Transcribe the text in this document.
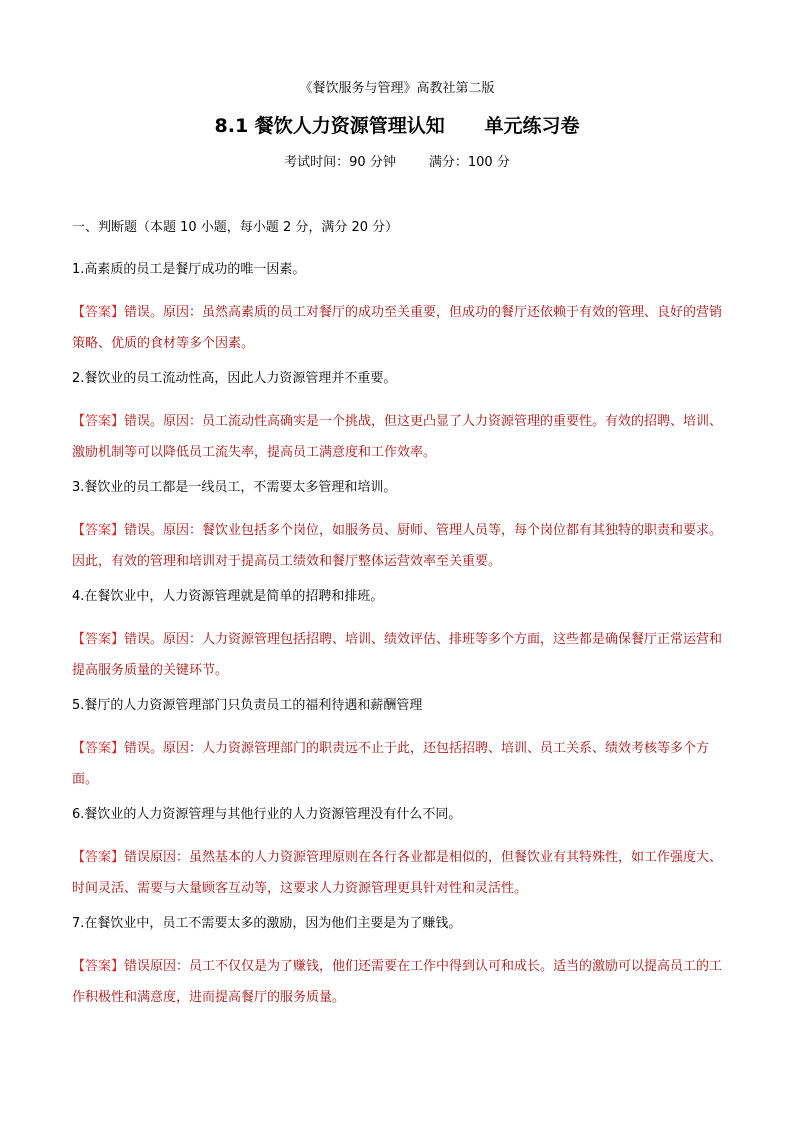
《餐饮服务与管理》高教社第二版
8.1 餐饮人力资源管理认知      单元练习卷
考试时间：90 分钟        满分：100 分
一、判断题（本题 10 小题，每小题 2 分，满分 20 分）
1.高素质的员工是餐厅成功的唯一因素。
【答案】错误。原因：虽然高素质的员工对餐厅的成功至关重要，但成功的餐厅还依赖于有效的管理、良好的营销策略、优质的食材等多个因素。
2.餐饮业的员工流动性高，因此人力资源管理并不重要。
【答案】错误。原因：员工流动性高确实是一个挑战，但这更凸显了人力资源管理的重要性。有效的招聘、培训、激励机制等可以降低员工流失率，提高员工满意度和工作效率。
3.餐饮业的员工都是一线员工，不需要太多管理和培训。
【答案】错误。原因：餐饮业包括多个岗位，如服务员、厨师、管理人员等，每个岗位都有其独特的职责和要求。因此，有效的管理和培训对于提高员工绩效和餐厅整体运营效率至关重要。
4.在餐饮业中，人力资源管理就是简单的招聘和排班。
【答案】错误。原因：人力资源管理包括招聘、培训、绩效评估、排班等多个方面，这些都是确保餐厅正常运营和提高服务质量的关键环节。
5.餐厅的人力资源管理部门只负责员工的福利待遇和薪酬管理
【答案】错误。原因：人力资源管理部门的职责远不止于此，还包括招聘、培训、员工关系、绩效考核等多个方面。
6.餐饮业的人力资源管理与其他行业的人力资源管理没有什么不同。
【答案】错误原因：虽然基本的人力资源管理原则在各行各业都是相似的，但餐饮业有其特殊性，如工作强度大、时间灵活、需要与大量顾客互动等，这要求人力资源管理更具针对性和灵活性。
7.在餐饮业中，员工不需要太多的激励，因为他们主要是为了赚钱。
【答案】错误原因：员工不仅仅是为了赚钱，他们还需要在工作中得到认可和成长。适当的激励可以提高员工的工作积极性和满意度，进而提高餐厅的服务质量。
